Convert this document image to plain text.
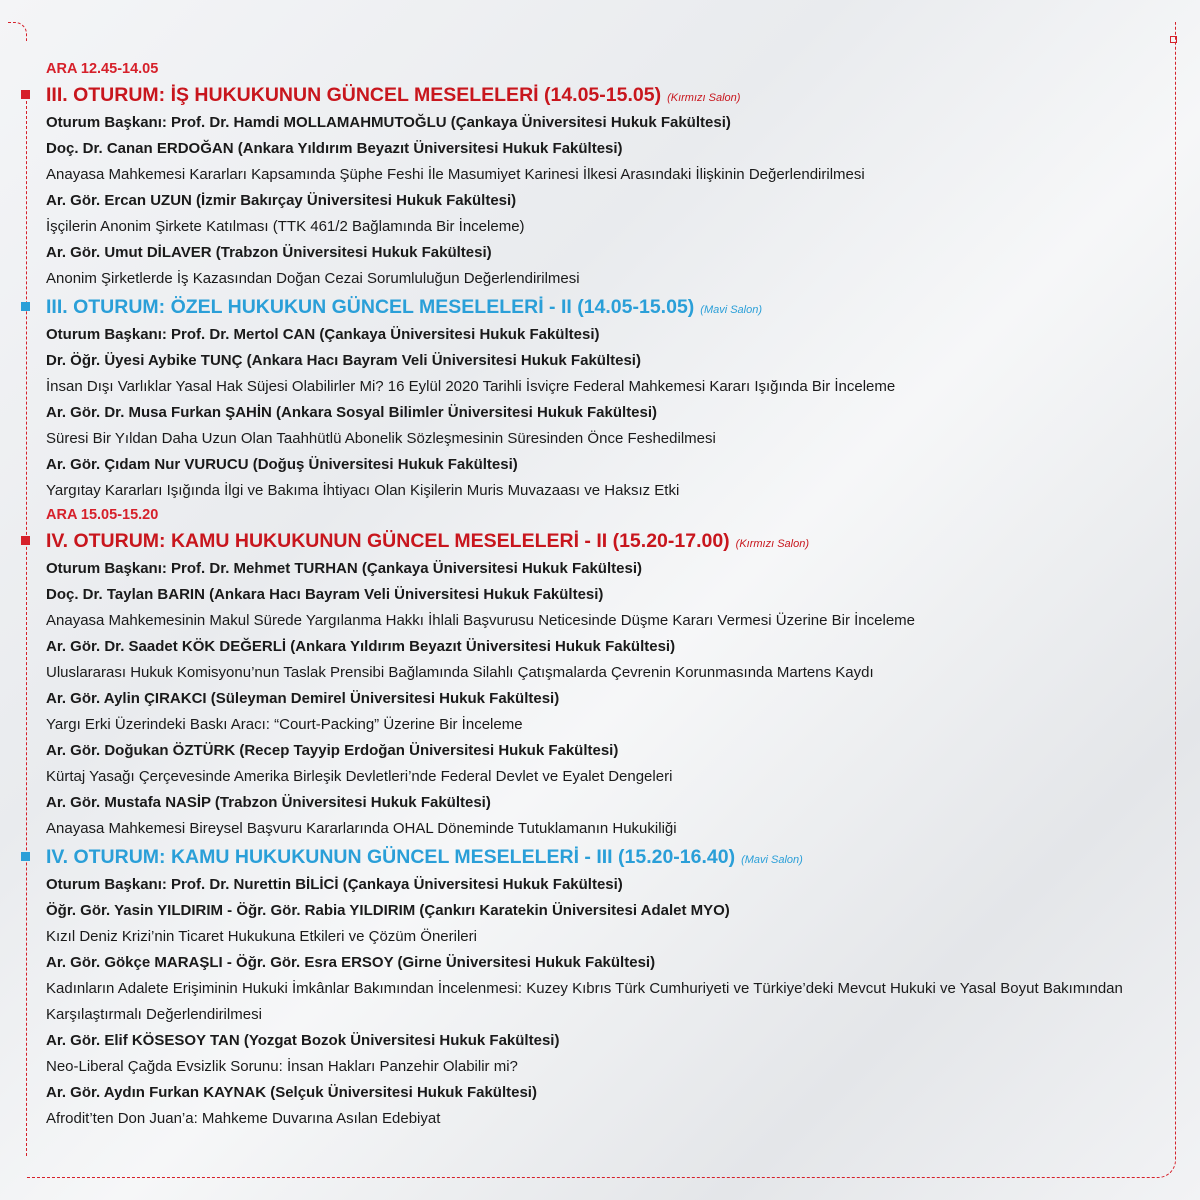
ARA 12.45-14.05
III. OTURUM: İŞ HUKUKUNUN GÜNCEL MESELELERİ (14.05-15.05) (Kırmızı Salon)
Oturum Başkanı: Prof. Dr. Hamdi MOLLAMAHMUTOĞLU (Çankaya Üniversitesi Hukuk Fakültesi)
Doç. Dr. Canan ERDOĞAN (Ankara Yıldırım Beyazıt Üniversitesi Hukuk Fakültesi)
Anayasa Mahkemesi Kararları Kapsamında Şüphe Feshi İle Masumiyet Karinesi İlkesi Arasındaki İlişkinin Değerlendirilmesi
Ar. Gör. Ercan UZUN (İzmir Bakırçay Üniversitesi Hukuk Fakültesi)
İşçilerin Anonim Şirkete Katılması (TTK 461/2 Bağlamında Bir İnceleme)
Ar. Gör. Umut DİLAVER (Trabzon Üniversitesi Hukuk Fakültesi)
Anonim Şirketlerde İş Kazasından Doğan Cezai Sorumluluğun Değerlendirilmesi
III. OTURUM: ÖZEL HUKUKUN GÜNCEL MESELELERİ - II (14.05-15.05) (Mavi Salon)
Oturum Başkanı: Prof. Dr. Mertol CAN (Çankaya Üniversitesi Hukuk Fakültesi)
Dr. Öğr. Üyesi Aybike TUNÇ (Ankara Hacı Bayram Veli Üniversitesi Hukuk Fakültesi)
İnsan Dışı Varlıklar Yasal Hak Süjesi Olabilirler Mi? 16 Eylül 2020 Tarihli İsviçre Federal Mahkemesi Kararı Işığında Bir İnceleme
Ar. Gör. Dr. Musa Furkan ŞAHİN (Ankara Sosyal Bilimler Üniversitesi Hukuk Fakültesi)
Süresi Bir Yıldan Daha Uzun Olan Taahhütlü Abonelik Sözleşmesinin Süresinden Önce Feshedilmesi
Ar. Gör. Çıdam Nur VURUCU (Doğuş Üniversitesi Hukuk Fakültesi)
Yargıtay Kararları Işığında İlgi ve Bakıma İhtiyacı Olan Kişilerin Muris Muvazaası ve Haksız Etki
ARA 15.05-15.20
IV. OTURUM: KAMU HUKUKUNUN GÜNCEL MESELELERİ - II (15.20-17.00) (Kırmızı Salon)
Oturum Başkanı: Prof. Dr. Mehmet TURHAN (Çankaya Üniversitesi Hukuk Fakültesi)
Doç. Dr. Taylan BARIN (Ankara Hacı Bayram Veli Üniversitesi Hukuk Fakültesi)
Anayasa Mahkemesinin Makul Sürede Yargılanma Hakkı İhlali Başvurusu Neticesinde Düşme Kararı Vermesi Üzerine Bir İnceleme
Ar. Gör. Dr. Saadet KÖK DEĞERLİ (Ankara Yıldırım Beyazıt Üniversitesi Hukuk Fakültesi)
Uluslararası Hukuk Komisyonu’nun Taslak Prensibi Bağlamında Silahlı Çatışmalarda Çevrenin Korunmasında Martens Kaydı
Ar. Gör. Aylin ÇIRAKCI (Süleyman Demirel Üniversitesi Hukuk Fakültesi)
Yargı Erki Üzerindeki Baskı Aracı: “Court-Packing” Üzerine Bir İnceleme
Ar. Gör. Doğukan ÖZTÜRK (Recep Tayyip Erdoğan Üniversitesi Hukuk Fakültesi)
Kürtaj Yasağı Çerçevesinde Amerika Birleşik Devletleri’nde Federal Devlet ve Eyalet Dengeleri
Ar. Gör. Mustafa NASİP (Trabzon Üniversitesi Hukuk Fakültesi)
Anayasa Mahkemesi Bireysel Başvuru Kararlarında OHAL Döneminde Tutuklamanın Hukukiliği
IV. OTURUM: KAMU HUKUKUNUN GÜNCEL MESELELERİ - III (15.20-16.40) (Mavi Salon)
Oturum Başkanı: Prof. Dr. Nurettin BİLİCİ (Çankaya Üniversitesi Hukuk Fakültesi)
Öğr. Gör. Yasin YILDIRIM - Öğr. Gör. Rabia YILDIRIM (Çankırı Karatekin Üniversitesi Adalet MYO)
Kızıl Deniz Krizi’nin Ticaret Hukukuna Etkileri ve Çözüm Önerileri
Ar. Gör. Gökçe MARAŞLI - Öğr. Gör. Esra ERSOY (Girne Üniversitesi Hukuk Fakültesi)
Kadınların Adalete Erişiminin Hukuki İmkânlar Bakımından İncelenmesi: Kuzey Kıbrıs Türk Cumhuriyeti ve Türkiye’deki Mevcut Hukuki ve Yasal Boyut Bakımından Karşılaştırmalı Değerlendirilmesi
Ar. Gör. Elif KÖSESOY TAN (Yozgat Bozok Üniversitesi Hukuk Fakültesi)
Neo-Liberal Çağda Evsizlik Sorunu: İnsan Hakları Panzehir Olabilir mi?
Ar. Gör. Aydın Furkan KAYNAK (Selçuk Üniversitesi Hukuk Fakültesi)
Afrodit’ten Don Juan’a: Mahkeme Duvarına Asılan Edebiyat
